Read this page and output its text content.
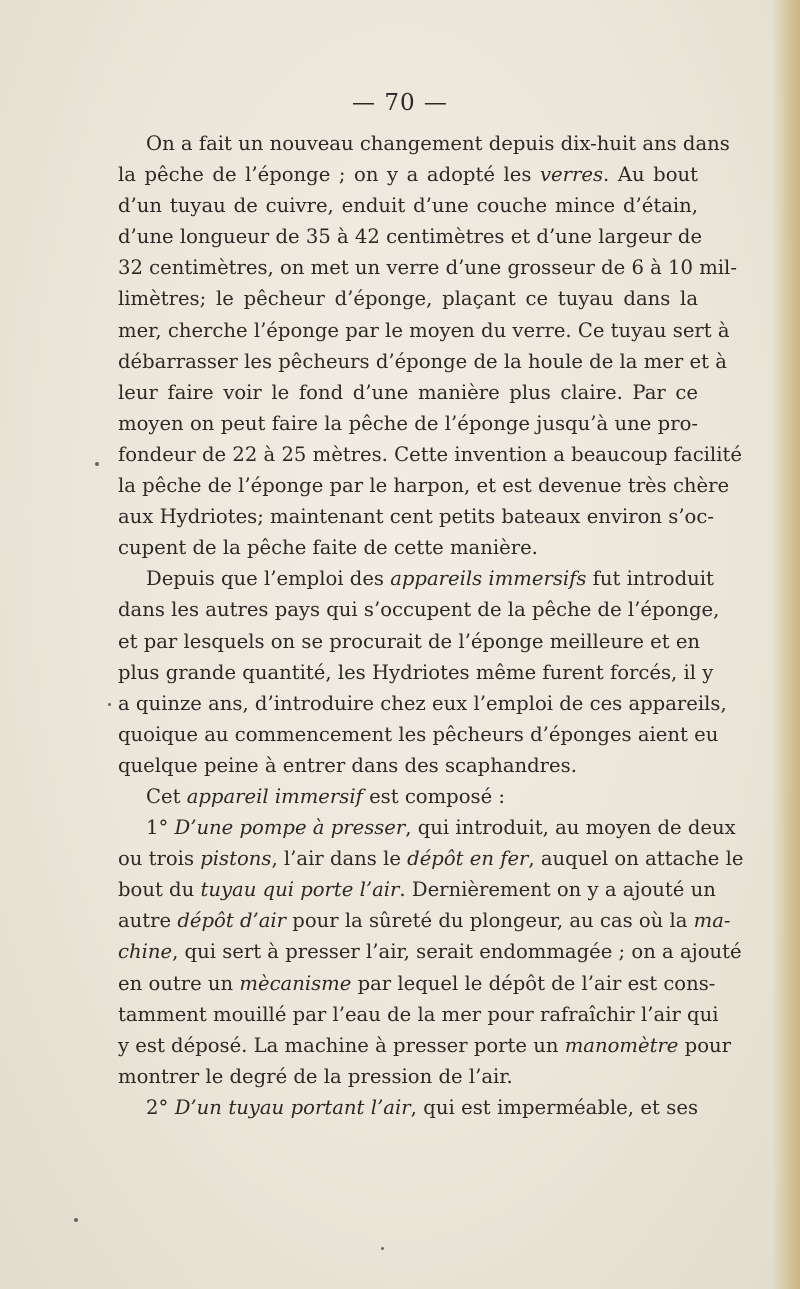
— 70 —
On a fait un nouveau changement depuis dix-huit ans dans
la pêche de l’éponge ; on y a adopté les verres. Au bout
d’un tuyau de cuivre, enduit d’une couche mince d’étain,
d’une longueur de 35 à 42 centimètres et d’une largeur de
32 centimètres, on met un verre d’une grosseur de 6 à 10 mil-
limètres; le pêcheur d’éponge, plaçant ce tuyau dans la
mer, cherche l’éponge par le moyen du verre. Ce tuyau sert à
débarrasser les pêcheurs d’éponge de la houle de la mer et à
leur faire voir le fond d’une manière plus claire. Par ce
moyen on peut faire la pêche de l’éponge jusqu’à une pro-
fondeur de 22 à 25 mètres. Cette invention a beaucoup facilité
la pêche de l’éponge par le harpon, et est devenue très chère
aux Hydriotes; maintenant cent petits bateaux environ s’oc-
cupent de la pêche faite de cette manière.
Depuis que l’emploi des appareils immersifs fut introduit
dans les autres pays qui s’occupent de la pêche de l’éponge,
et par lesquels on se procurait de l’éponge meilleure et en
plus grande quantité, les Hydriotes même furent forcés, il y
a quinze ans, d’introduire chez eux l’emploi de ces appareils,
quoique au commencement les pêcheurs d’éponges aient eu
quelque peine à entrer dans des scaphandres.
Cet appareil immersif est composé :
1° D’une pompe à presser, qui introduit, au moyen de deux
ou trois pistons, l’air dans le dépôt en fer, auquel on attache le
bout du tuyau qui porte l’air. Dernièrement on y a ajouté un
autre dépôt d’air pour la sûreté du plongeur, au cas où la ma-
chine, qui sert à presser l’air, serait endommagée ; on a ajouté
en outre un mècanisme par lequel le dépôt de l’air est cons-
tamment mouillé par l’eau de la mer pour rafraîchir l’air qui
y est déposé. La machine à presser porte un manomètre pour
montrer le degré de la pression de l’air.
2° D’un tuyau portant l’air, qui est imperméable, et ses
